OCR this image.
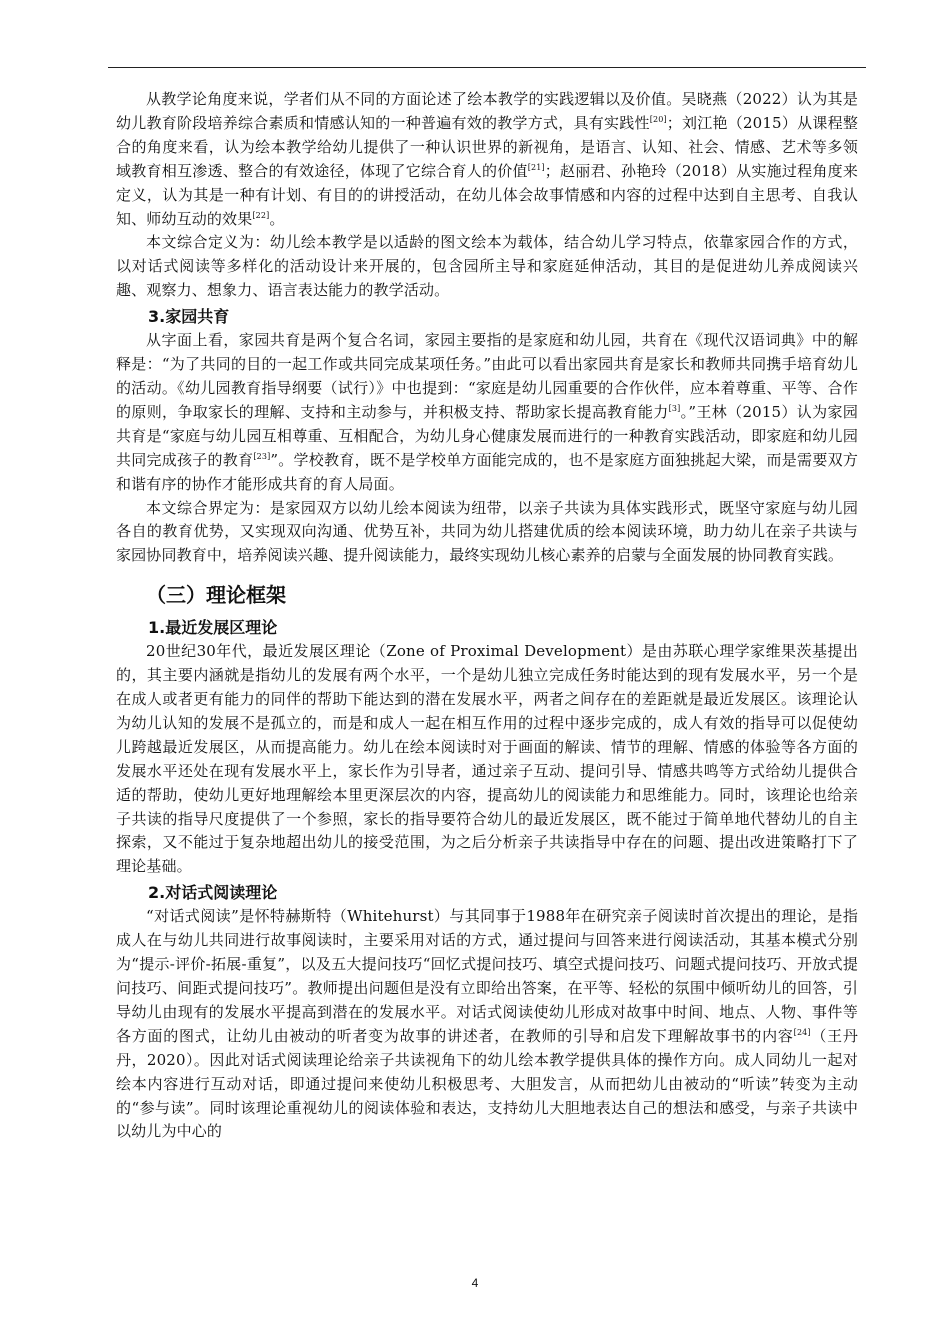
从教学论角度来说，学者们从不同的方面论述了绘本教学的实践逻辑以及价值。吴晓燕（2022）认为其是幼儿教育阶段培养综合素质和情感认知的一种普遍有效的教学方式，具有实践性[20]；刘江艳（2015）从课程整合的角度来看，认为绘本教学给幼儿提供了一种认识世界的新视角，是语言、认知、社会、情感、艺术等多领域教育相互渗透、整合的有效途径，体现了它综合育人的价值[21]；赵丽君、孙艳玲（2018）从实施过程角度来定义，认为其是一种有计划、有目的的讲授活动，在幼儿体会故事情感和内容的过程中达到自主思考、自我认知、师幼互动的效果[22]。

本文综合定义为：幼儿绘本教学是以适龄的图文绘本为载体，结合幼儿学习特点，依靠家园合作的方式，以对话式阅读等多样化的活动设计来开展的，包含园所主导和家庭延伸活动，其目的是促进幼儿养成阅读兴趣、观察力、想象力、语言表达能力的教学活动。

3.家园共育

从字面上看，家园共育是两个复合名词，家园主要指的是家庭和幼儿园，共育在《现代汉语词典》中的解释是：“为了共同的目的一起工作或共同完成某项任务。”由此可以看出家园共育是家长和教师共同携手培育幼儿的活动。《幼儿园教育指导纲要（试行）》中也提到：“家庭是幼儿园重要的合作伙伴，应本着尊重、平等、合作的原则，争取家长的理解、支持和主动参与，并积极支持、帮助家长提高教育能力[3]。”王林（2015）认为家园共育是“家庭与幼儿园互相尊重、互相配合，为幼儿身心健康发展而进行的一种教育实践活动，即家庭和幼儿园共同完成孩子的教育[23]”。学校教育，既不是学校单方面能完成的，也不是家庭方面独挑起大梁，而是需要双方和谐有序的协作才能形成共育的育人局面。

本文综合界定为：是家园双方以幼儿绘本阅读为纽带，以亲子共读为具体实践形式，既坚守家庭与幼儿园各自的教育优势，又实现双向沟通、优势互补，共同为幼儿搭建优质的绘本阅读环境，助力幼儿在亲子共读与家园协同教育中，培养阅读兴趣、提升阅读能力，最终实现幼儿核心素养的启蒙与全面发展的协同教育实践。

（三）理论框架
1.最近发展区理论

20世纪30年代，最近发展区理论（Zone of Proximal Development）是由苏联心理学家维果茨基提出的，其主要内涵就是指幼儿的发展有两个水平，一个是幼儿独立完成任务时能达到的现有发展水平，另一个是在成人或者更有能力的同伴的帮助下能达到的潜在发展水平，两者之间存在的差距就是最近发展区。该理论认为幼儿认知的发展不是孤立的，而是和成人一起在相互作用的过程中逐步完成的，成人有效的指导可以促使幼儿跨越最近发展区，从而提高能力。幼儿在绘本阅读时对于画面的解读、情节的理解、情感的体验等各方面的发展水平还处在现有发展水平上，家长作为引导者，通过亲子互动、提问引导、情感共鸣等方式给幼儿提供合适的帮助，使幼儿更好地理解绘本里更深层次的内容，提高幼儿的阅读能力和思维能力。同时，该理论也给亲子共读的指导尺度提供了一个参照，家长的指导要符合幼儿的最近发展区，既不能过于简单地代替幼儿的自主探索，又不能过于复杂地超出幼儿的接受范围，为之后分析亲子共读指导中存在的问题、提出改进策略打下了理论基础。

2.对话式阅读理论

“对话式阅读”是怀特赫斯特（Whitehurst）与其同事于1988年在研究亲子阅读时首次提出的理论，是指成人在与幼儿共同进行故事阅读时，主要采用对话的方式，通过提问与回答来进行阅读活动，其基本模式分别为“提示-评价-拓展-重复”，以及五大提问技巧“回忆式提问技巧、填空式提问技巧、问题式提问技巧、开放式提问技巧、间距式提问技巧”。教师提出问题但是没有立即给出答案，在平等、轻松的氛围中倾听幼儿的回答，引导幼儿由现有的发展水平提高到潜在的发展水平。对话式阅读使幼儿形成对故事中时间、地点、人物、事件等各方面的图式，让幼儿由被动的听者变为故事的讲述者，在教师的引导和启发下理解故事书的内容[24]（王丹丹，2020）。因此对话式阅读理论给亲子共读视角下的幼儿绘本教学提供具体的操作方向。成人同幼儿一起对绘本内容进行互动对话，即通过提问来使幼儿积极思考、大胆发言，从而把幼儿由被动的“听读”转变为主动的“参与读”。同时该理论重视幼儿的阅读体验和表达，支持幼儿大胆地表达自己的想法和感受，与亲子共读中以幼儿为中心的

4
